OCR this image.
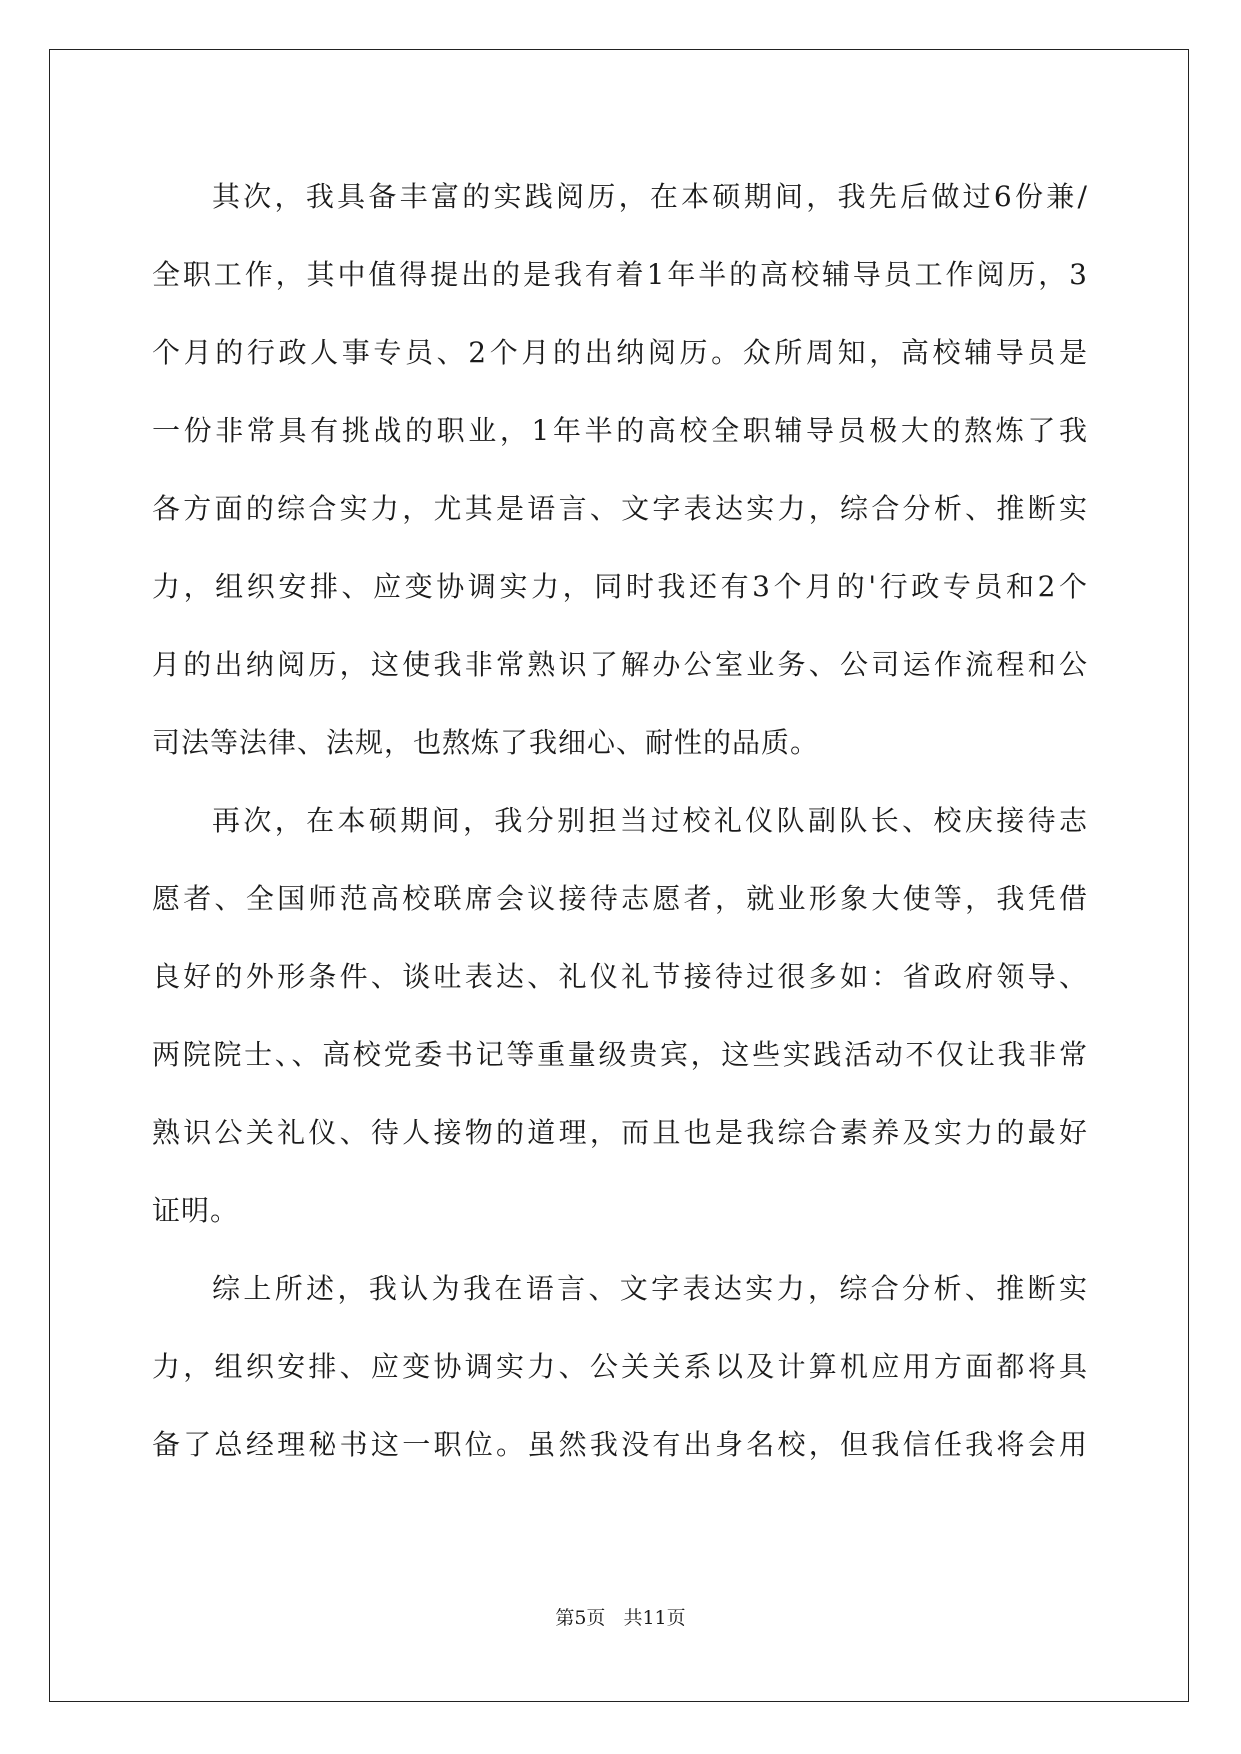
其次，我具备丰富的实践阅历，在本硕期间，我先后做过6份兼/
全职工作，其中值得提出的是我有着1年半的高校辅导员工作阅历，3
个月的行政人事专员、2个月的出纳阅历。众所周知，高校辅导员是
一份非常具有挑战的职业，1年半的高校全职辅导员极大的熬炼了我
各方面的综合实力，尤其是语言、文字表达实力，综合分析、推断实
力，组织安排、应变协调实力，同时我还有3个月的'行政专员和2个
月的出纳阅历，这使我非常熟识了解办公室业务、公司运作流程和公
司法等法律、法规，也熬炼了我细心、耐性的品质。

再次，在本硕期间，我分别担当过校礼仪队副队长、校庆接待志
愿者、全国师范高校联席会议接待志愿者，就业形象大使等，我凭借
良好的外形条件、谈吐表达、礼仪礼节接待过很多如：省政府领导、
两院院士、、高校党委书记等重量级贵宾，这些实践活动不仅让我非常
熟识公关礼仪、待人接物的道理，而且也是我综合素养及实力的最好
证明。

综上所述，我认为我在语言、文字表达实力，综合分析、推断实
力，组织安排、应变协调实力、公关关系以及计算机应用方面都将具
备了总经理秘书这一职位。虽然我没有出身名校，但我信任我将会用

第5页 共11页
